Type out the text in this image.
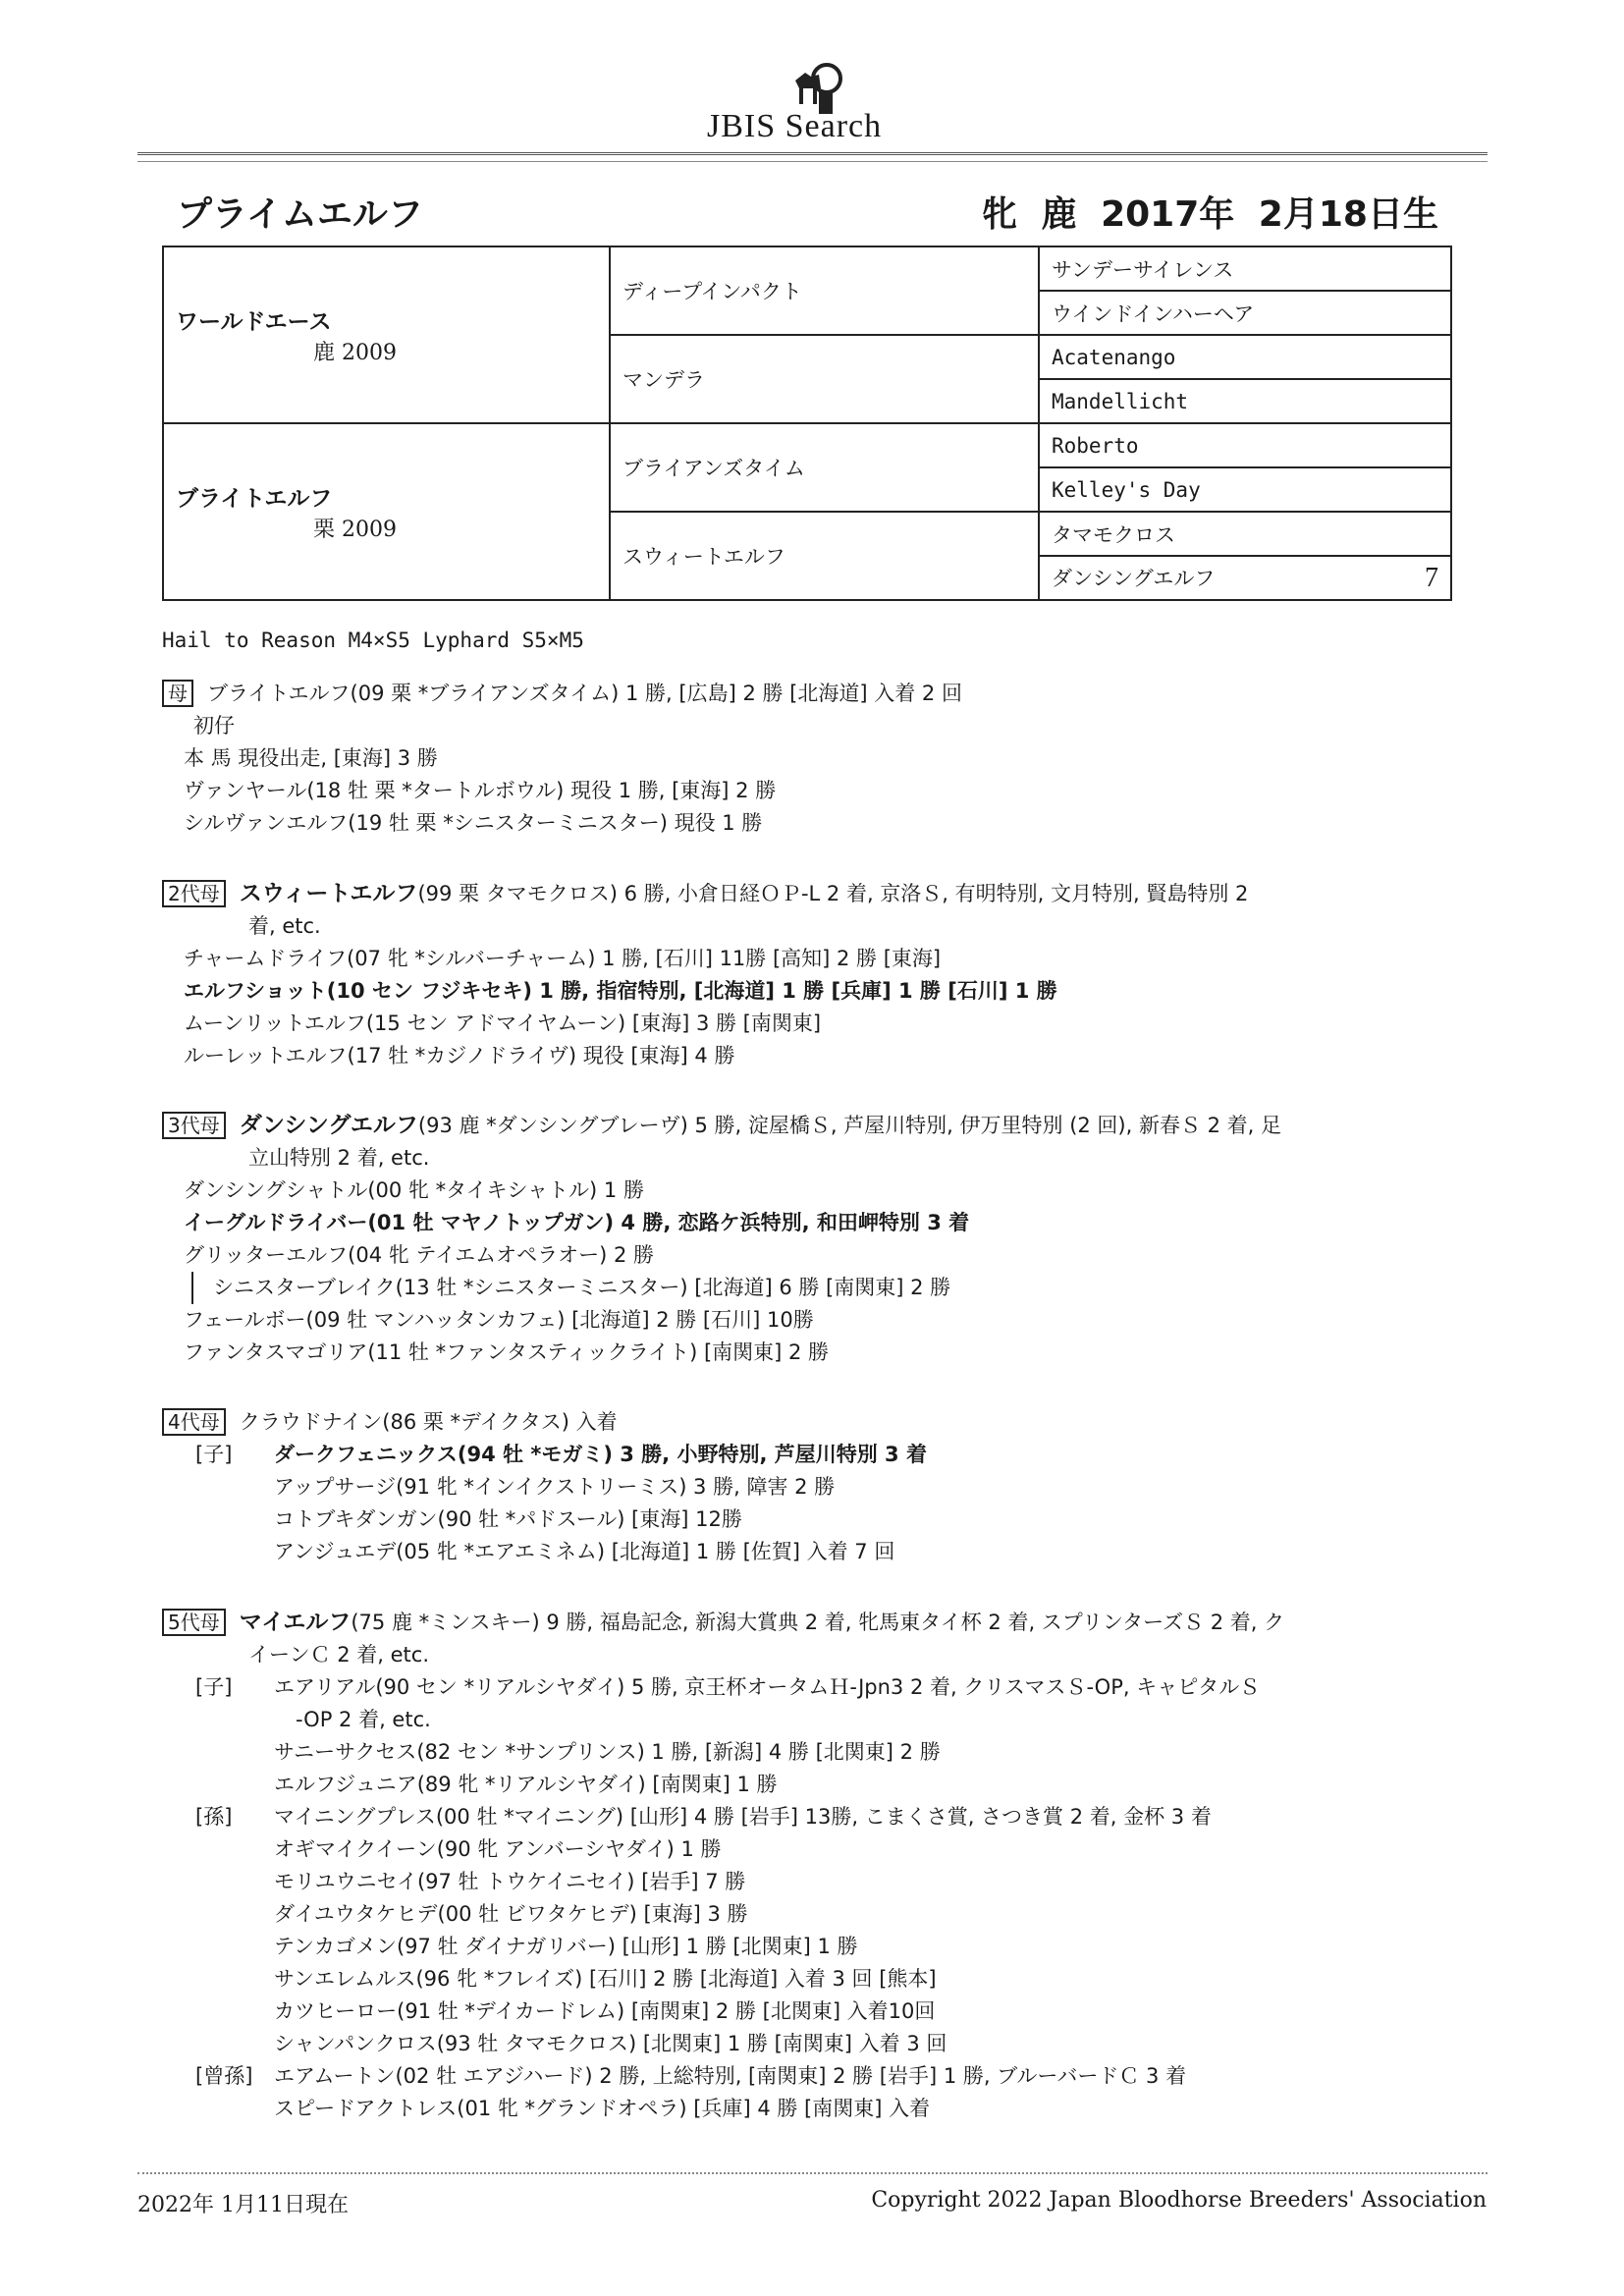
JBIS Search
プライムエルフ	牝 鹿 2017年 2月18日生
ワールドエース
鹿 2009	ディープインパクト	サンデーサイレンス
		ウインドインハーヘア
	マンデラ	Acatenango
		Mandellicht

ブライトエルフ
栗 2009	ブライアンズタイム	Roberto
		Kelley's Day
	スウィートエルフ	タマモクロス
		ダンシングエルフ 7
Hail to Reason M4×S5 Lyphard S5×M5
母 ブライトエルフ(09 栗 *ブライアンズタイム) 1 勝, [広島] 2 勝 [北海道] 入着 2 回
初仔
本 馬 現役出走, [東海] 3 勝
ヴァンヤール(18 牡 栗 *タートルボウル) 現役 1 勝, [東海] 2 勝
シルヴァンエルフ(19 牡 栗 *シニスターミニスター) 現役 1 勝
2代母 スウィートエルフ(99 栗 タマモクロス) 6 勝, 小倉日経ＯＰ-L 2 着, 京洛Ｓ, 有明特別, 文月特別, 賢島特別 2
着, etc.
チャームドライフ(07 牝 *シルバーチャーム) 1 勝, [石川] 11勝 [高知] 2 勝 [東海]
エルフショット(10 セン フジキセキ) 1 勝, 指宿特別, [北海道] 1 勝 [兵庫] 1 勝 [石川] 1 勝
ムーンリットエルフ(15 セン アドマイヤムーン) [東海] 3 勝 [南関東]
ルーレットエルフ(17 牡 *カジノドライヴ) 現役 [東海] 4 勝
3代母 ダンシングエルフ(93 鹿 *ダンシングブレーヴ) 5 勝, 淀屋橋Ｓ, 芦屋川特別, 伊万里特別 (2 回), 新春Ｓ 2 着, 足
立山特別 2 着, etc.
ダンシングシャトル(00 牝 *タイキシャトル) 1 勝
イーグルドライバー(01 牡 マヤノトップガン) 4 勝, 恋路ケ浜特別, 和田岬特別 3 着
グリッターエルフ(04 牝 テイエムオペラオー) 2 勝
シニスターブレイク(13 牡 *シニスターミニスター) [北海道] 6 勝 [南関東] 2 勝
フェールボー(09 牡 マンハッタンカフェ) [北海道] 2 勝 [石川] 10勝
ファンタスマゴリア(11 牡 *ファンタスティックライト) [南関東] 2 勝
4代母 クラウドナイン(86 栗 *デイクタス) 入着
[子] ダークフェニックス(94 牡 *モガミ) 3 勝, 小野特別, 芦屋川特別 3 着
アップサージ(91 牝 *インイクストリーミス) 3 勝, 障害 2 勝
コトブキダンガン(90 牡 *パドスール) [東海] 12勝
アンジュエデ(05 牝 *エアエミネム) [北海道] 1 勝 [佐賀] 入着 7 回
5代母 マイエルフ(75 鹿 *ミンスキー) 9 勝, 福島記念, 新潟大賞典 2 着, 牝馬東タイ杯 2 着, スプリンターズＳ 2 着, ク
イーンＣ 2 着, etc.
[子] エアリアル(90 セン *リアルシヤダイ) 5 勝, 京王杯オータムＨ-Jpn3 2 着, クリスマスＳ-OP, キャピタルＳ
-OP 2 着, etc.
サニーサクセス(82 セン *サンプリンス) 1 勝, [新潟] 4 勝 [北関東] 2 勝
エルフジュニア(89 牝 *リアルシヤダイ) [南関東] 1 勝
[孫] マイニングプレス(00 牡 *マイニング) [山形] 4 勝 [岩手] 13勝, こまくさ賞, さつき賞 2 着, 金杯 3 着
オギマイクイーン(90 牝 アンバーシヤダイ) 1 勝
モリユウニセイ(97 牡 トウケイニセイ) [岩手] 7 勝
ダイユウタケヒデ(00 牡 ビワタケヒデ) [東海] 3 勝
テンカゴメン(97 牡 ダイナガリバー) [山形] 1 勝 [北関東] 1 勝
サンエレムルス(96 牝 *フレイズ) [石川] 2 勝 [北海道] 入着 3 回 [熊本]
カツヒーロー(91 牡 *デイカードレム) [南関東] 2 勝 [北関東] 入着10回
シャンパンクロス(93 牡 タマモクロス) [北関東] 1 勝 [南関東] 入着 3 回
[曾孫] エアムートン(02 牡 エアジハード) 2 勝, 上総特別, [南関東] 2 勝 [岩手] 1 勝, ブルーバードＣ 3 着
スピードアクトレス(01 牝 *グランドオペラ) [兵庫] 4 勝 [南関東] 入着
2022年 1月11日現在	Copyright 2022 Japan Bloodhorse Breeders' Association
